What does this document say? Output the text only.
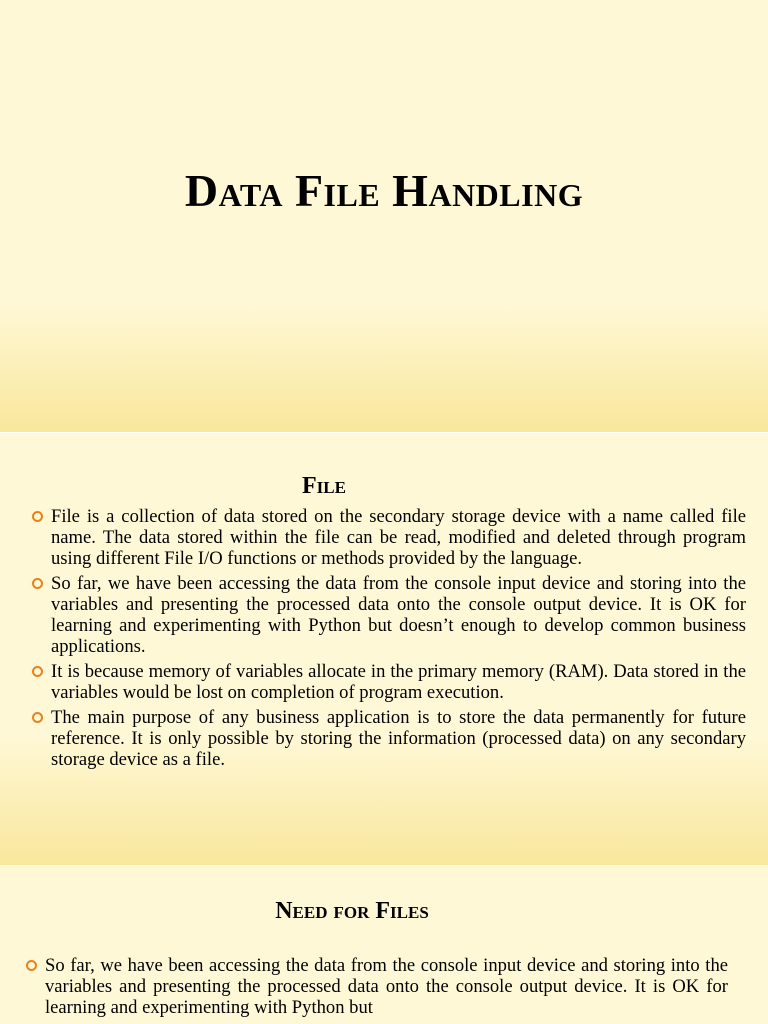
Data File Handling
File
File is a collection of data stored on the secondary storage device with a name called file name. The data stored within the file can be read, modified and deleted through program using different File I/O functions or methods provided by the language.
So far, we have been accessing the data from the console input device and storing into the variables and presenting the processed data onto the console output device. It is OK for learning and experimenting with Python but doesn’t enough to develop common business applications.
It is because memory of variables allocate in the primary memory (RAM). Data stored in the variables would be lost on completion of program execution.
The main purpose of any business application is to store the data permanently for future reference. It is only possible by storing the information (processed data) on any secondary storage device as a file.
Need for Files
So far, we have been accessing the data from the console input device and storing into the variables and presenting the processed data onto the console output device. It is OK for learning and experimenting with Python but
